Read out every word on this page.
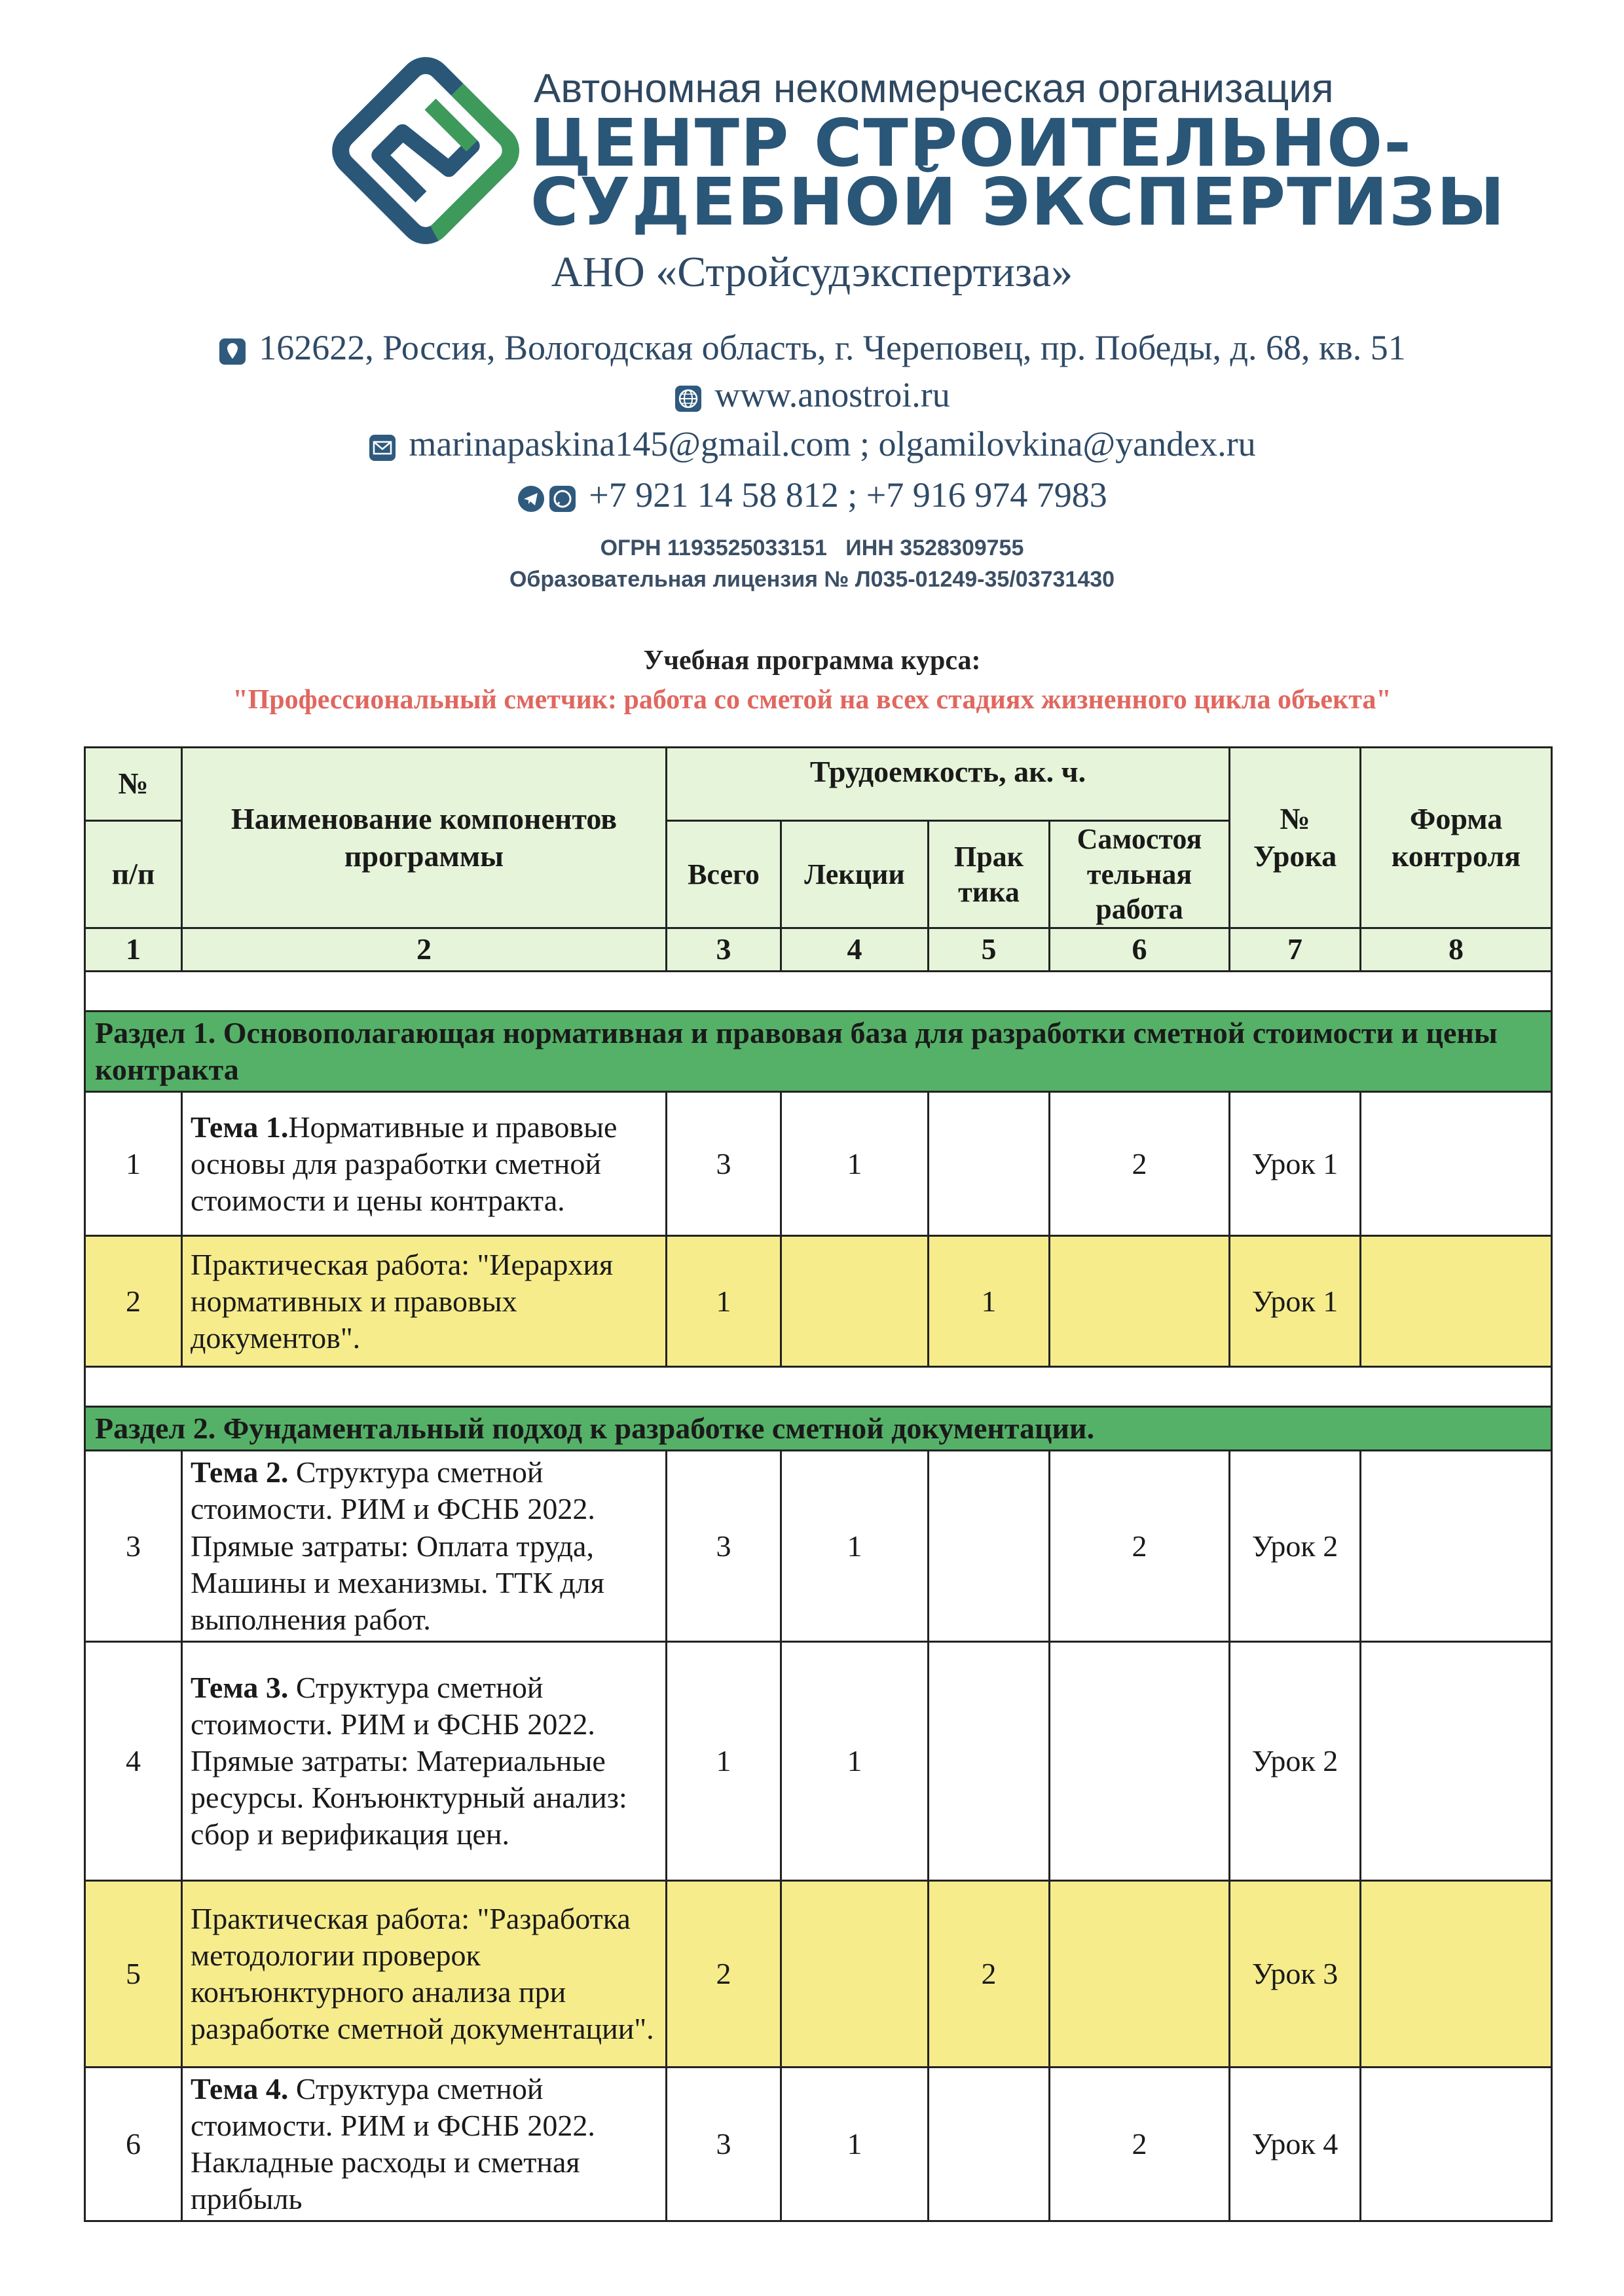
Автономная некоммерческая организация
ЦЕНТР СТРОИТЕЛЬНО-
СУДЕБНОЙ ЭКСПЕРТИЗЫ
АНО «Стройсудэкспертиза»
162622, Россия, Вологодская область, г. Череповец, пр. Победы, д. 68, кв. 51
www.anostroi.ru
marinapaskina145@gmail.com ; olgamilovkina@yandex.ru
+7 921 14 58 812 ; +7 916 974 7983
ОГРН 1193525033151   ИНН 3528309755
Образовательная лицензия № Л035-01249-35/03731430
Учебная программа курса:
"Профессиональный сметчик: работа со сметой на всех стадиях жизненного цикла объекта"
№	Наименование компонентов программы	Трудоемкость, ак. ч.				№ Урока	Форма контроля
п/п		Всего	Лекции	Прак тика	Самостоя тельная работа		
1	2	3	4	5	6	7	8

Раздел 1. Основополагающая нормативная и правовая база для разработки сметной стоимости и цены контракта							
1	Тема 1.Нормативные и правовые основы для разработки сметной стоимости и цены контракта.	3	1		2	Урок 1	
2	Практическая работа: "Иерархия нормативных и правовых документов".	1		1		Урок 1	

Раздел 2. Фундаментальный подход к разработке сметной документации.							
3	Тема 2. Структура сметной стоимости. РИМ и ФСНБ 2022. Прямые затраты: Оплата труда, Машины и механизмы. ТТК для выполнения работ.	3	1		2	Урок 2	
4	Тема 3. Структура сметной стоимости. РИМ и ФСНБ 2022. Прямые затраты: Материальные ресурсы. Конъюнктурный анализ: сбор и верификация цен.	1	1			Урок 2	
5	Практическая работа: "Разработка методологии проверок конъюнктурного анализа при разработке сметной документации".	2		2		Урок 3	
6	Тема 4. Структура сметной стоимости. РИМ и ФСНБ 2022. Накладные расходы и сметная прибыль	3	1		2	Урок 4	
